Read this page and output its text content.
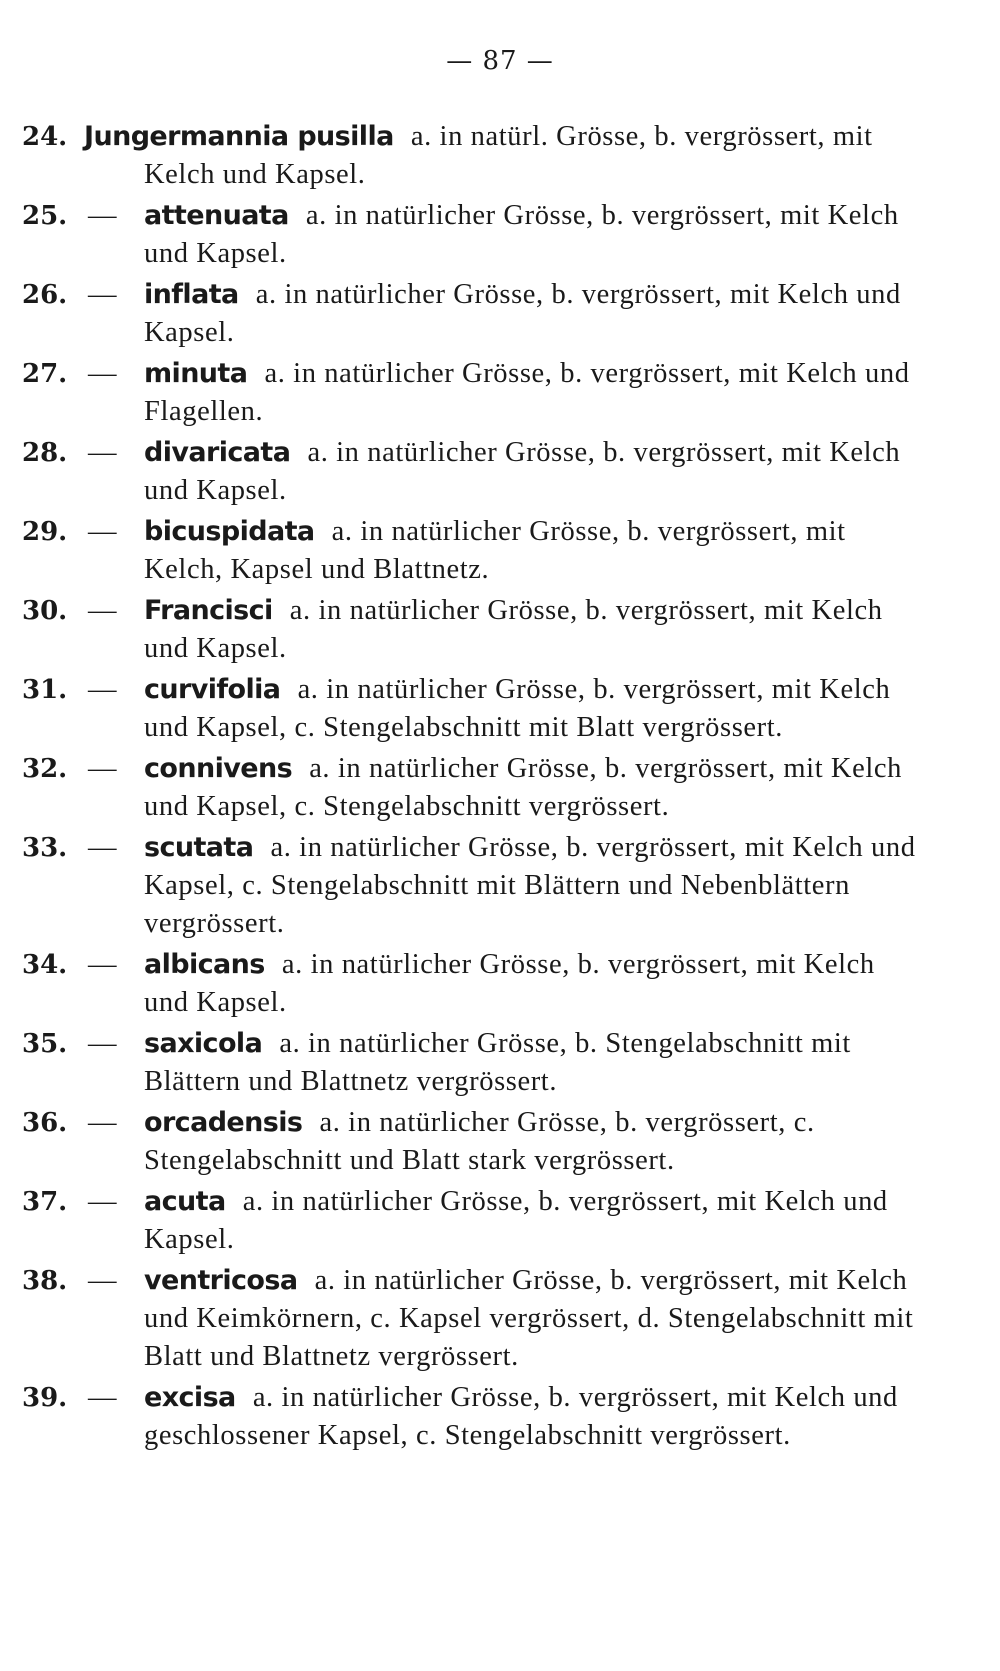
— 87 —
24. Jungermannia pusilla a. in natürl. Grösse, b. vergrössert, mit Kelch und Kapsel.
25. — attenuata a. in natürlicher Grösse, b. vergrössert, mit Kelch und Kapsel.
26. — inflata a. in natürlicher Grösse, b. vergrössert, mit Kelch und Kapsel.
27. — minuta a. in natürlicher Grösse, b. vergrössert, mit Kelch und Flagellen.
28. — divaricata a. in natürlicher Grösse, b. vergrössert, mit Kelch und Kapsel.
29. — bicuspidata a. in natürlicher Grösse, b. vergrössert, mit Kelch, Kapsel und Blattnetz.
30. — Francisci a. in natürlicher Grösse, b. vergrössert, mit Kelch und Kapsel.
31. — curvifolia a. in natürlicher Grösse, b. vergrössert, mit Kelch und Kapsel, c. Stengelabschnitt mit Blatt vergrössert.
32. — connivens a. in natürlicher Grösse, b. vergrössert, mit Kelch und Kapsel, c. Stengelabschnitt vergrössert.
33. — scutata a. in natürlicher Grösse, b. vergrössert, mit Kelch und Kapsel, c. Stengelabschnitt mit Blättern und Nebenblättern vergrössert.
34. — albicans a. in natürlicher Grösse, b. vergrössert, mit Kelch und Kapsel.
35. — saxicola a. in natürlicher Grösse, b. Stengelabschnitt mit Blättern und Blattnetz vergrössert.
36. — orcadensis a. in natürlicher Grösse, b. vergrössert, c. Stengelabschnitt und Blatt stark vergrössert.
37. — acuta a. in natürlicher Grösse, b. vergrössert, mit Kelch und Kapsel.
38. — ventricosa a. in natürlicher Grösse, b. vergrössert, mit Kelch und Keimkörnern, c. Kapsel vergrössert, d. Stengelabschnitt mit Blatt und Blattnetz vergrössert.
39. — excisa a. in natürlicher Grösse, b. vergrössert, mit Kelch und geschlossener Kapsel, c. Stengelabschnitt vergrössert.
